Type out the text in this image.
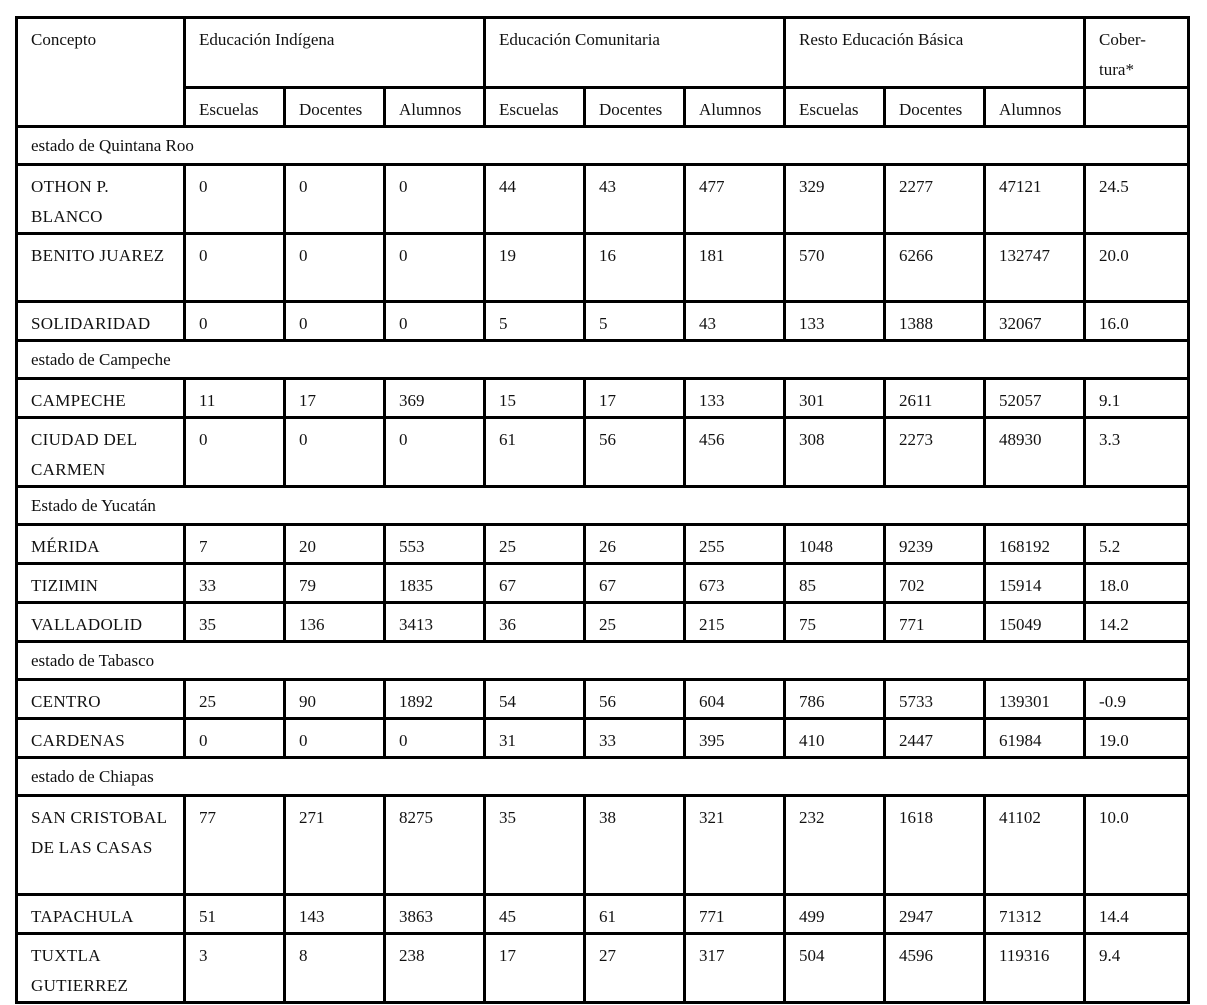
Concepto	Educación Indígena			Educación Comunitaria			Resto Educación Básica			Cober-
tura*
	Escuelas	Docentes	Alumnos	Escuelas	Docentes	Alumnos	Escuelas	Docentes	Alumnos	
estado de Quintana Roo										
OTHON P. BLANCO	0	0	0	44	43	477	329	2277	47121	24.5
BENITO JUAREZ	0	0	0	19	16	181	570	6266	132747	20.0
SOLIDARIDAD	0	0	0	5	5	43	133	1388	32067	16.0
estado de Campeche										
CAMPECHE	11	17	369	15	17	133	301	2611	52057	9.1
CIUDAD DEL CARMEN	0	0	0	61	56	456	308	2273	48930	3.3
Estado de Yucatán										
MÉRIDA	7	20	553	25	26	255	1048	9239	168192	5.2
TIZIMIN	33	79	1835	67	67	673	85	702	15914	18.0
VALLADOLID	35	136	3413	36	25	215	75	771	15049	14.2
estado de Tabasco										
CENTRO	25	90	1892	54	56	604	786	5733	139301	-0.9
CARDENAS	0	0	0	31	33	395	410	2447	61984	19.0
estado de Chiapas										
SAN CRISTOBAL DE LAS CASAS	77	271	8275	35	38	321	232	1618	41102	10.0
TAPACHULA	51	143	3863	45	61	771	499	2947	71312	14.4
TUXTLA GUTIERREZ	3	8	238	17	27	317	504	4596	119316	9.4
